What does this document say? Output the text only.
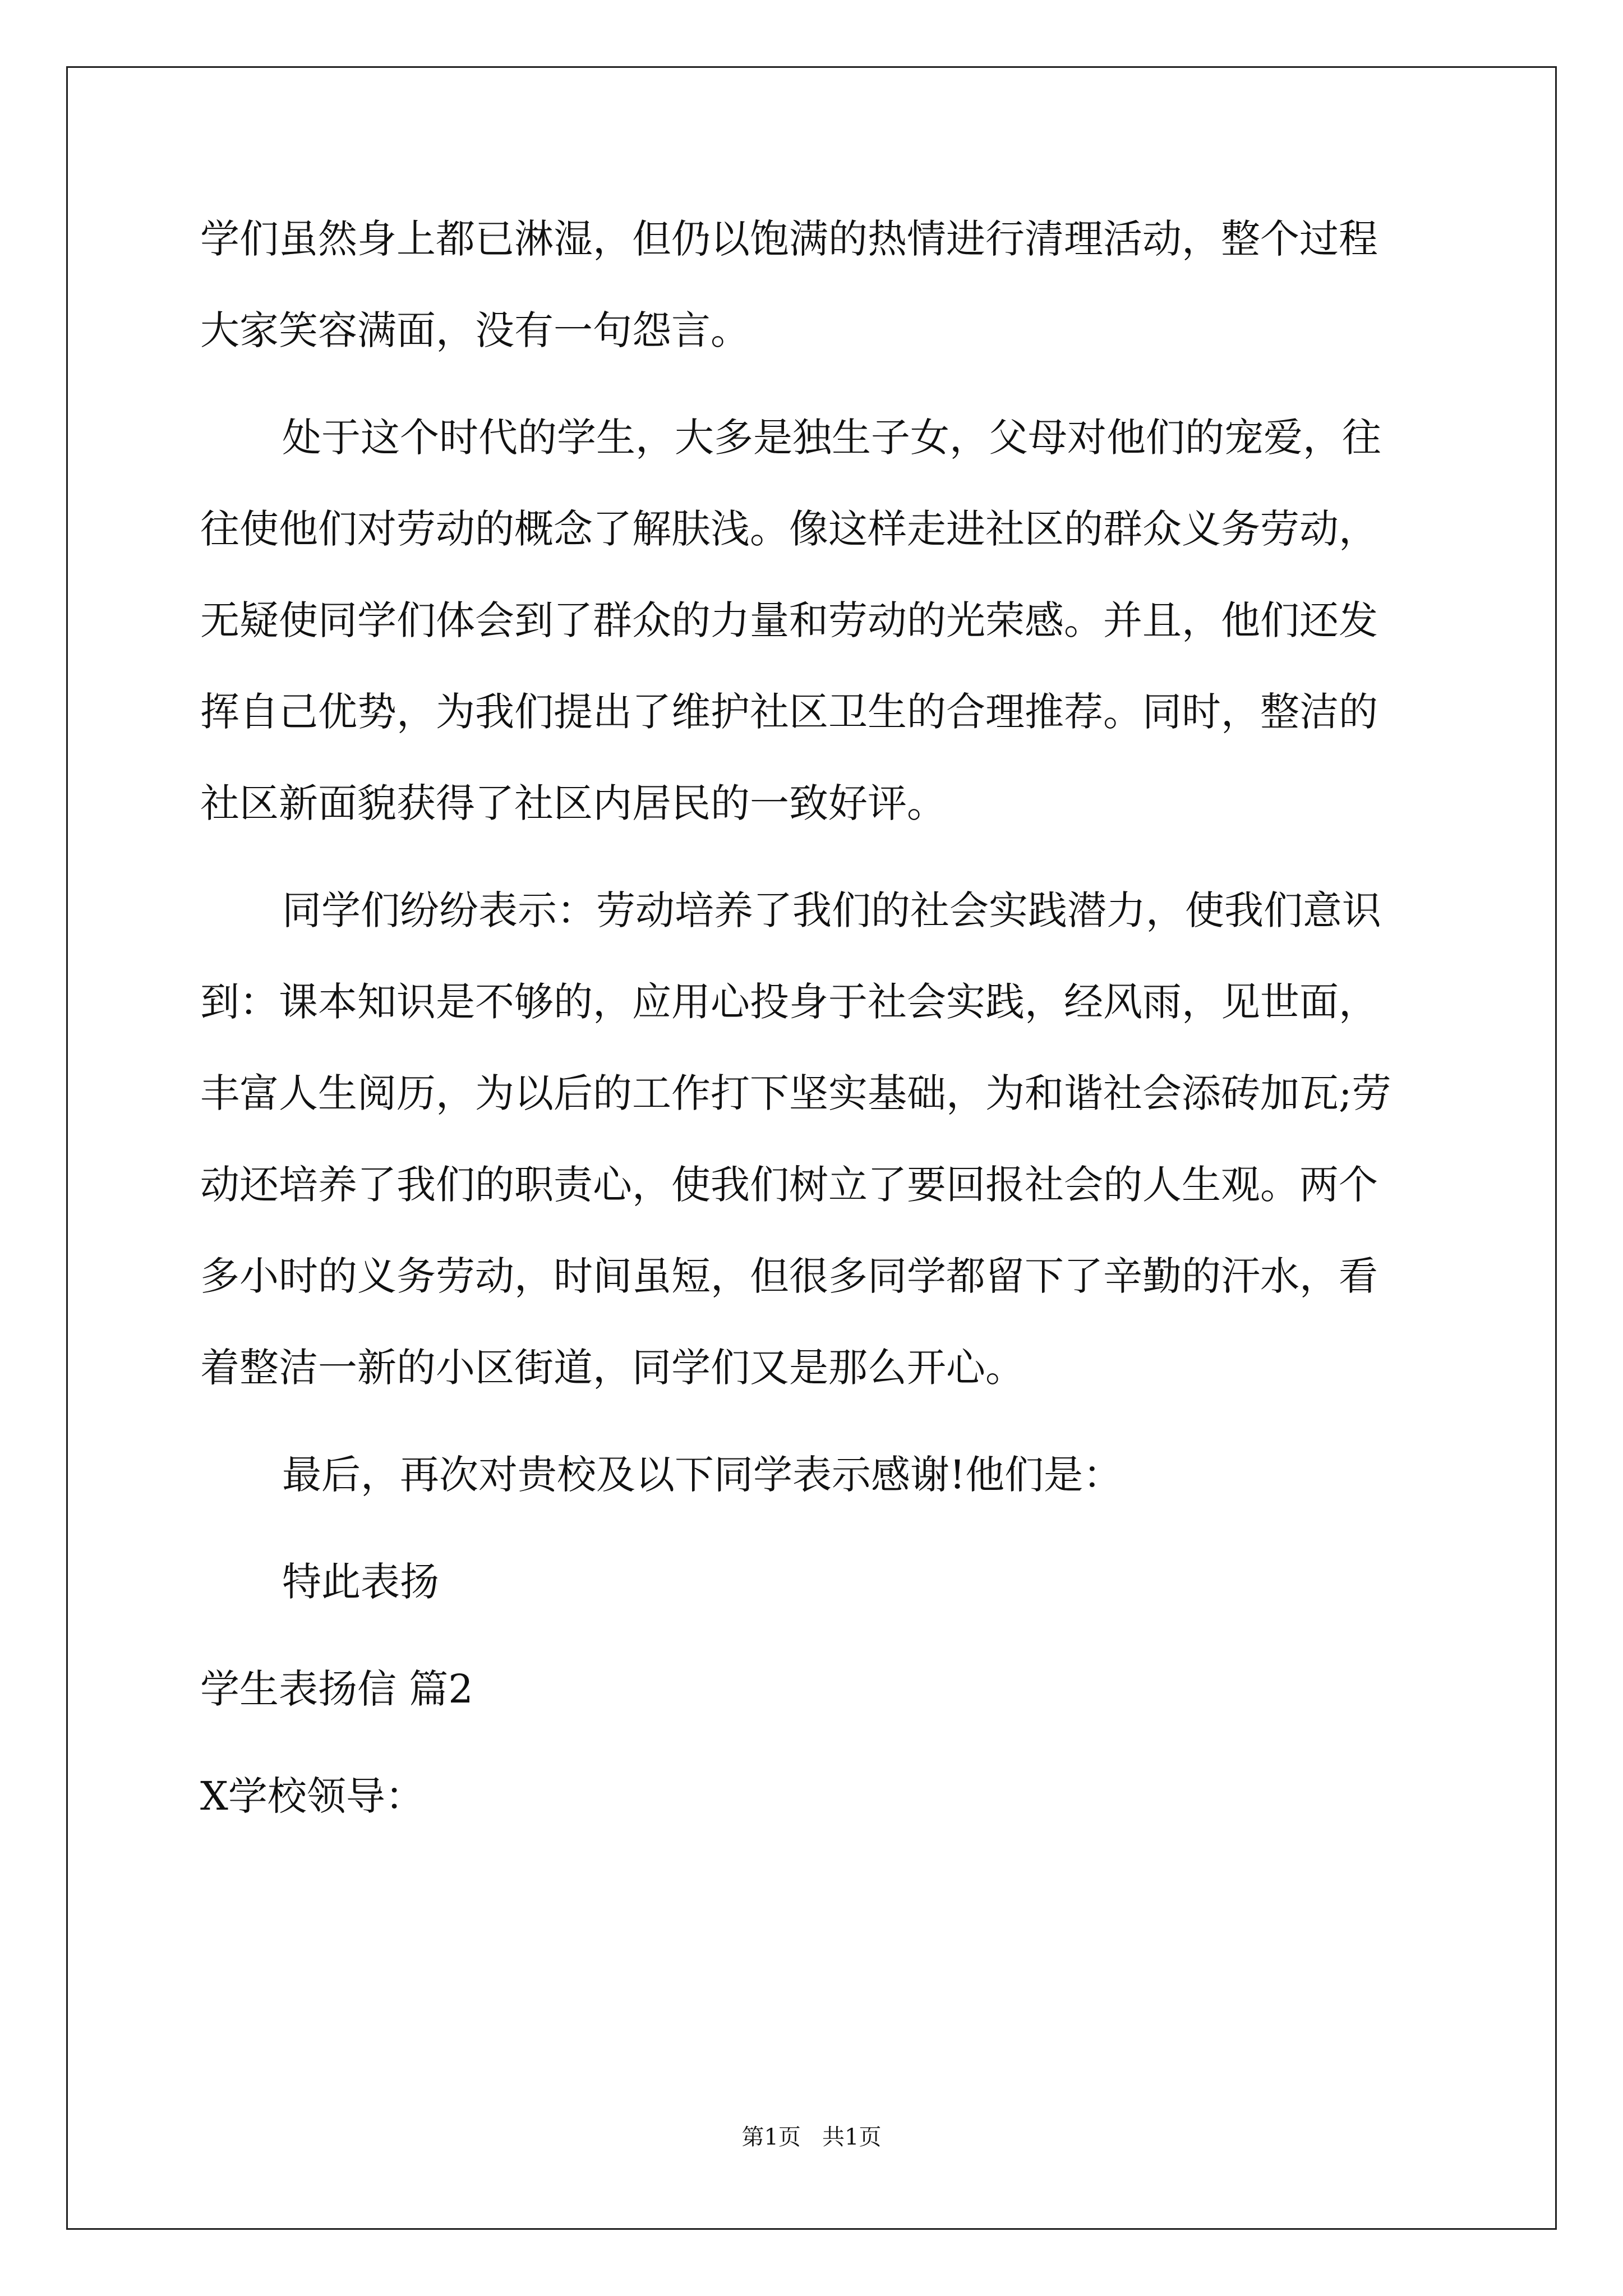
学们虽然身上都已淋湿，但仍以饱满的热情进行清理活动，整个过程
大家笑容满面，没有一句怨言。
处于这个时代的学生，大多是独生子女，父母对他们的宠爱，往
往使他们对劳动的概念了解肤浅。像这样走进社区的群众义务劳动，
无疑使同学们体会到了群众的力量和劳动的光荣感。并且，他们还发
挥自己优势，为我们提出了维护社区卫生的合理推荐。同时，整洁的
社区新面貌获得了社区内居民的一致好评。
同学们纷纷表示：劳动培养了我们的社会实践潜力，使我们意识
到：课本知识是不够的，应用心投身于社会实践，经风雨，见世面，
丰富人生阅历，为以后的工作打下坚实基础，为和谐社会添砖加瓦;劳
动还培养了我们的职责心，使我们树立了要回报社会的人生观。两个
多小时的义务劳动，时间虽短，但很多同学都留下了辛勤的汗水，看
着整洁一新的小区街道，同学们又是那么开心。
最后，再次对贵校及以下同学表示感谢!他们是：
特此表扬
学生表扬信 篇2
X学校领导：
第1页   共1页
